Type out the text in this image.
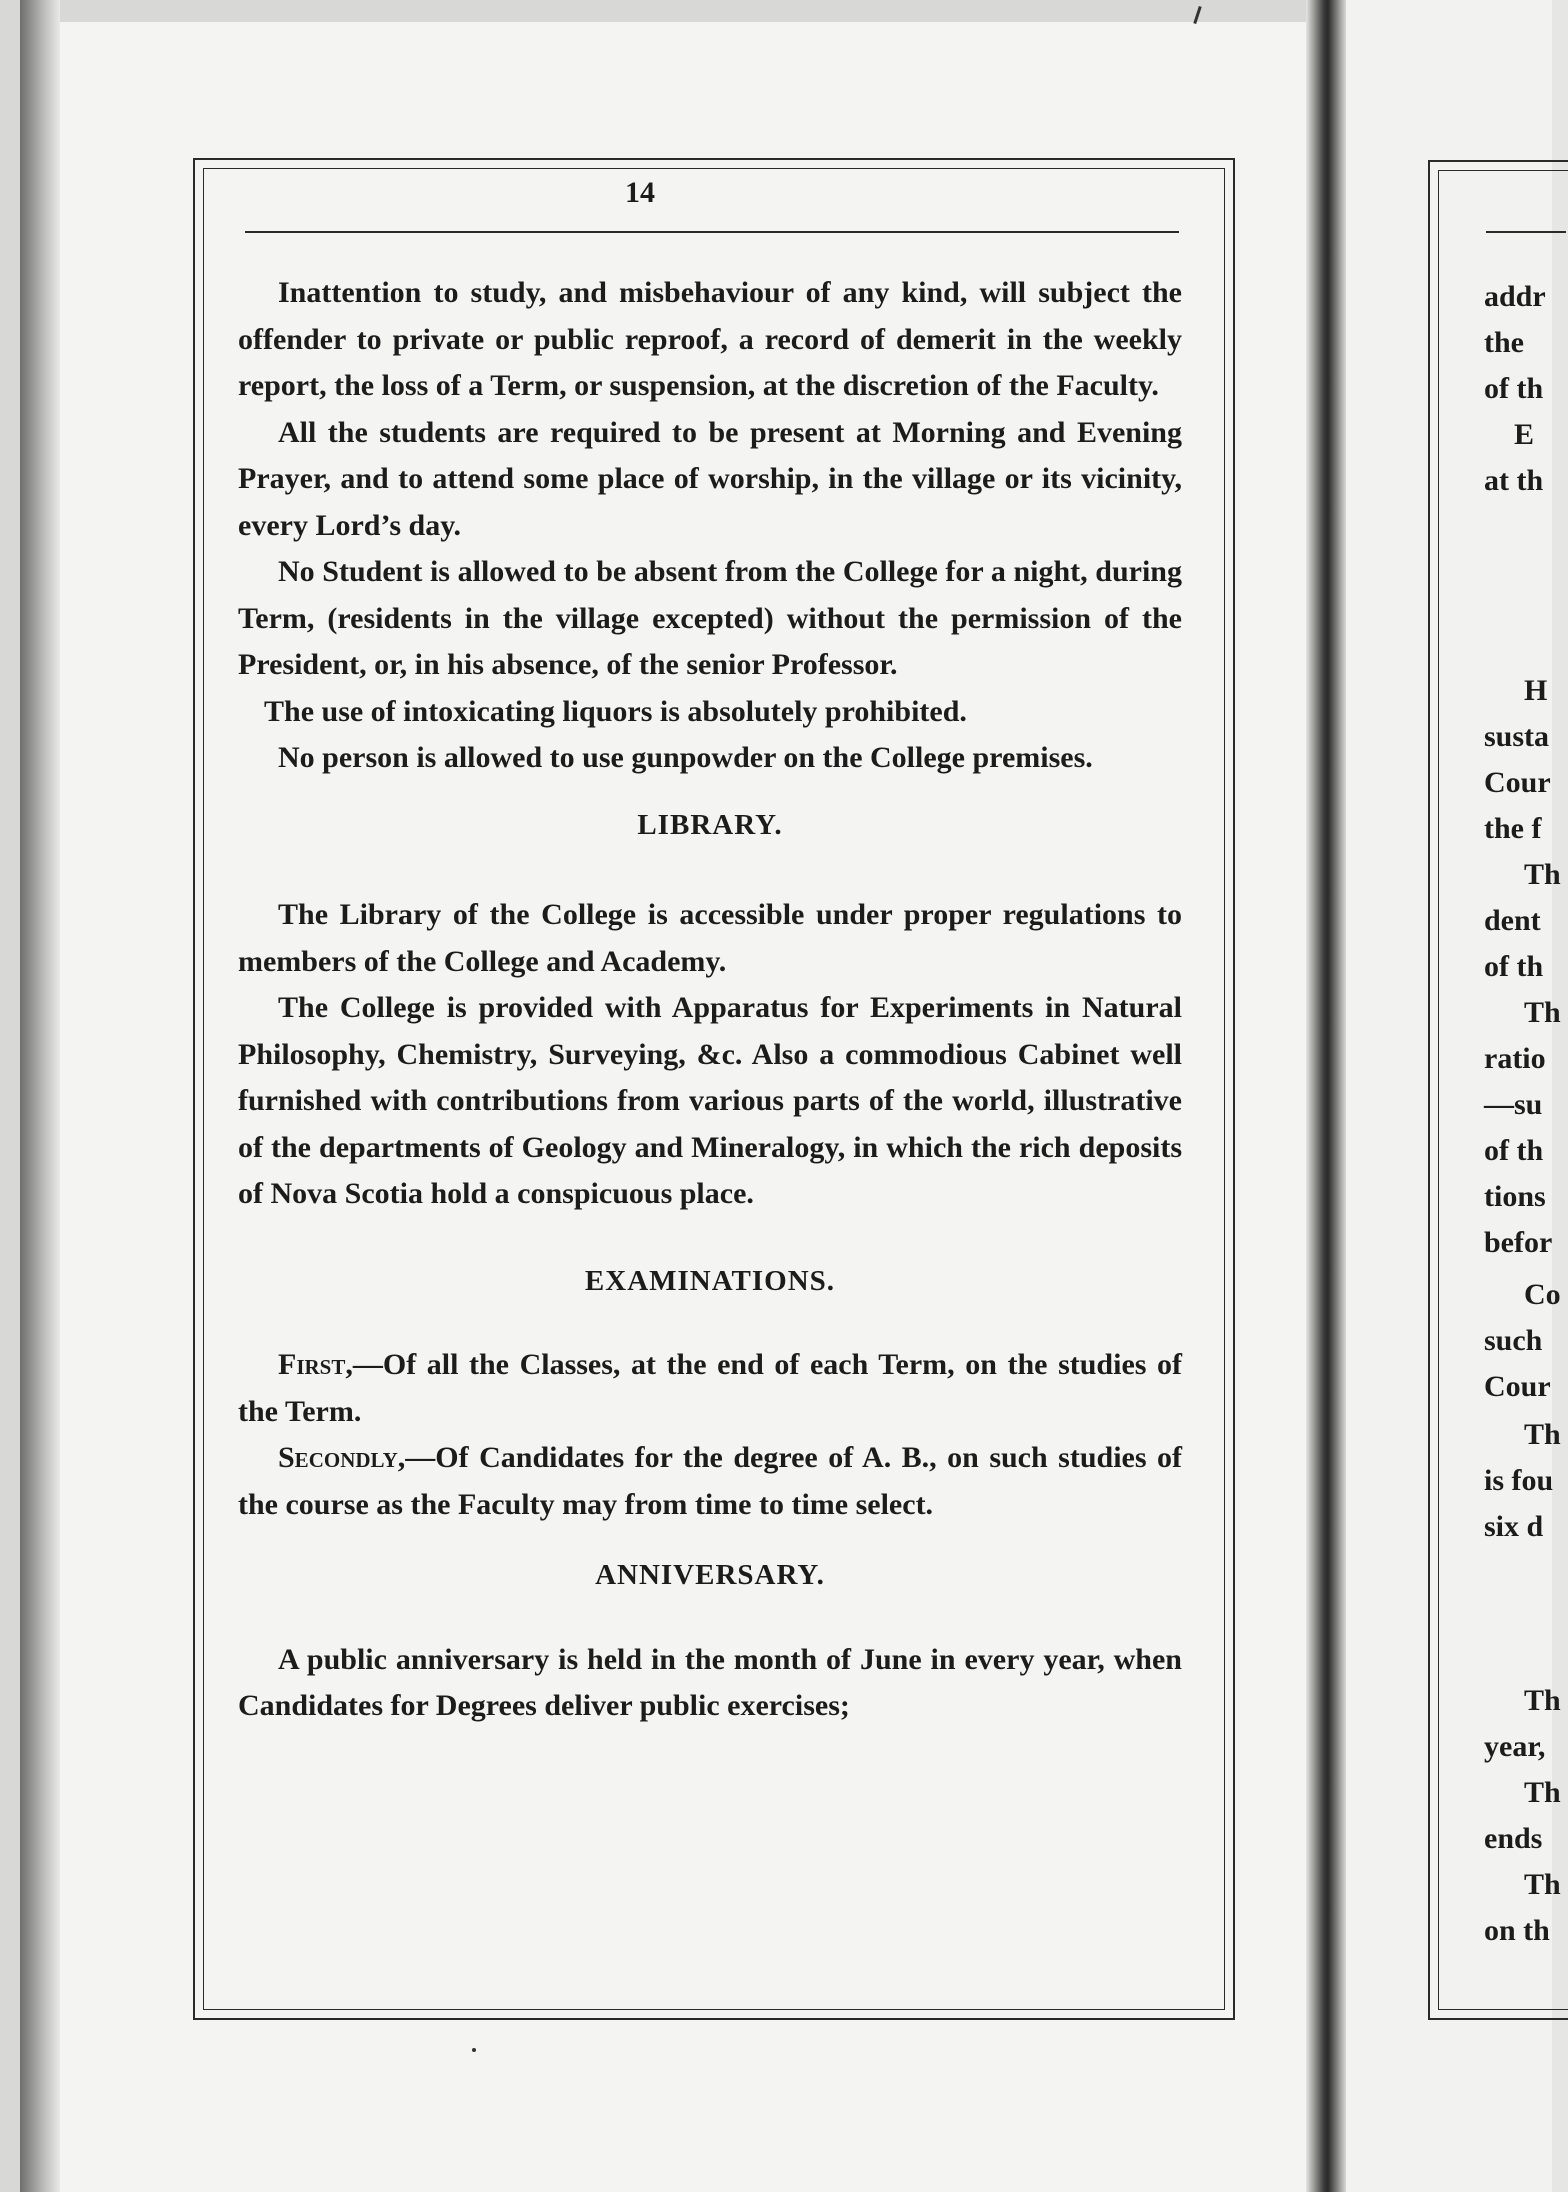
14

Inattention to study, and misbehaviour of any kind, will subject the offender to private or public reproof, a record of demerit in the weekly report, the loss of a Term, or suspension, at the discretion of the Faculty.

All the students are required to be present at Morning and Evening Prayer, and to attend some place of worship, in the village or its vicinity, every Lord’s day.

No Student is allowed to be absent from the College for a night, during Term, (residents in the village excepted) without the permission of the President, or, in his absence, of the senior Professor.

The use of intoxicating liquors is absolutely prohibited.

No person is allowed to use gunpowder on the College premises.

LIBRARY.

The Library of the College is accessible under proper regulations to members of the College and Academy.

The College is provided with Apparatus for Experiments in Natural Philosophy, Chemistry, Surveying, &c. Also a commodious Cabinet well furnished with contributions from various parts of the world, illustrative of the departments of Geology and Mineralogy, in which the rich deposits of Nova Scotia hold a conspicuous place.

EXAMINATIONS.

First,—Of all the Classes, at the end of each Term, on the studies of the Term.

Secondly,—Of Candidates for the degree of A. B., on such studies of the course as the Faculty may from time to time select.

ANNIVERSARY.

A public anniversary is held in the month of June in every year, when Candidates for Degrees deliver public exercises;

addr
the
of th
E
at th
H
susta
Cour
the f
Th
dent
of th
Th
ratio
—su
of th
tions
befor
Co
such
Cour
Th
is fou
six d
Th
year,
Th
ends
Th
on th
